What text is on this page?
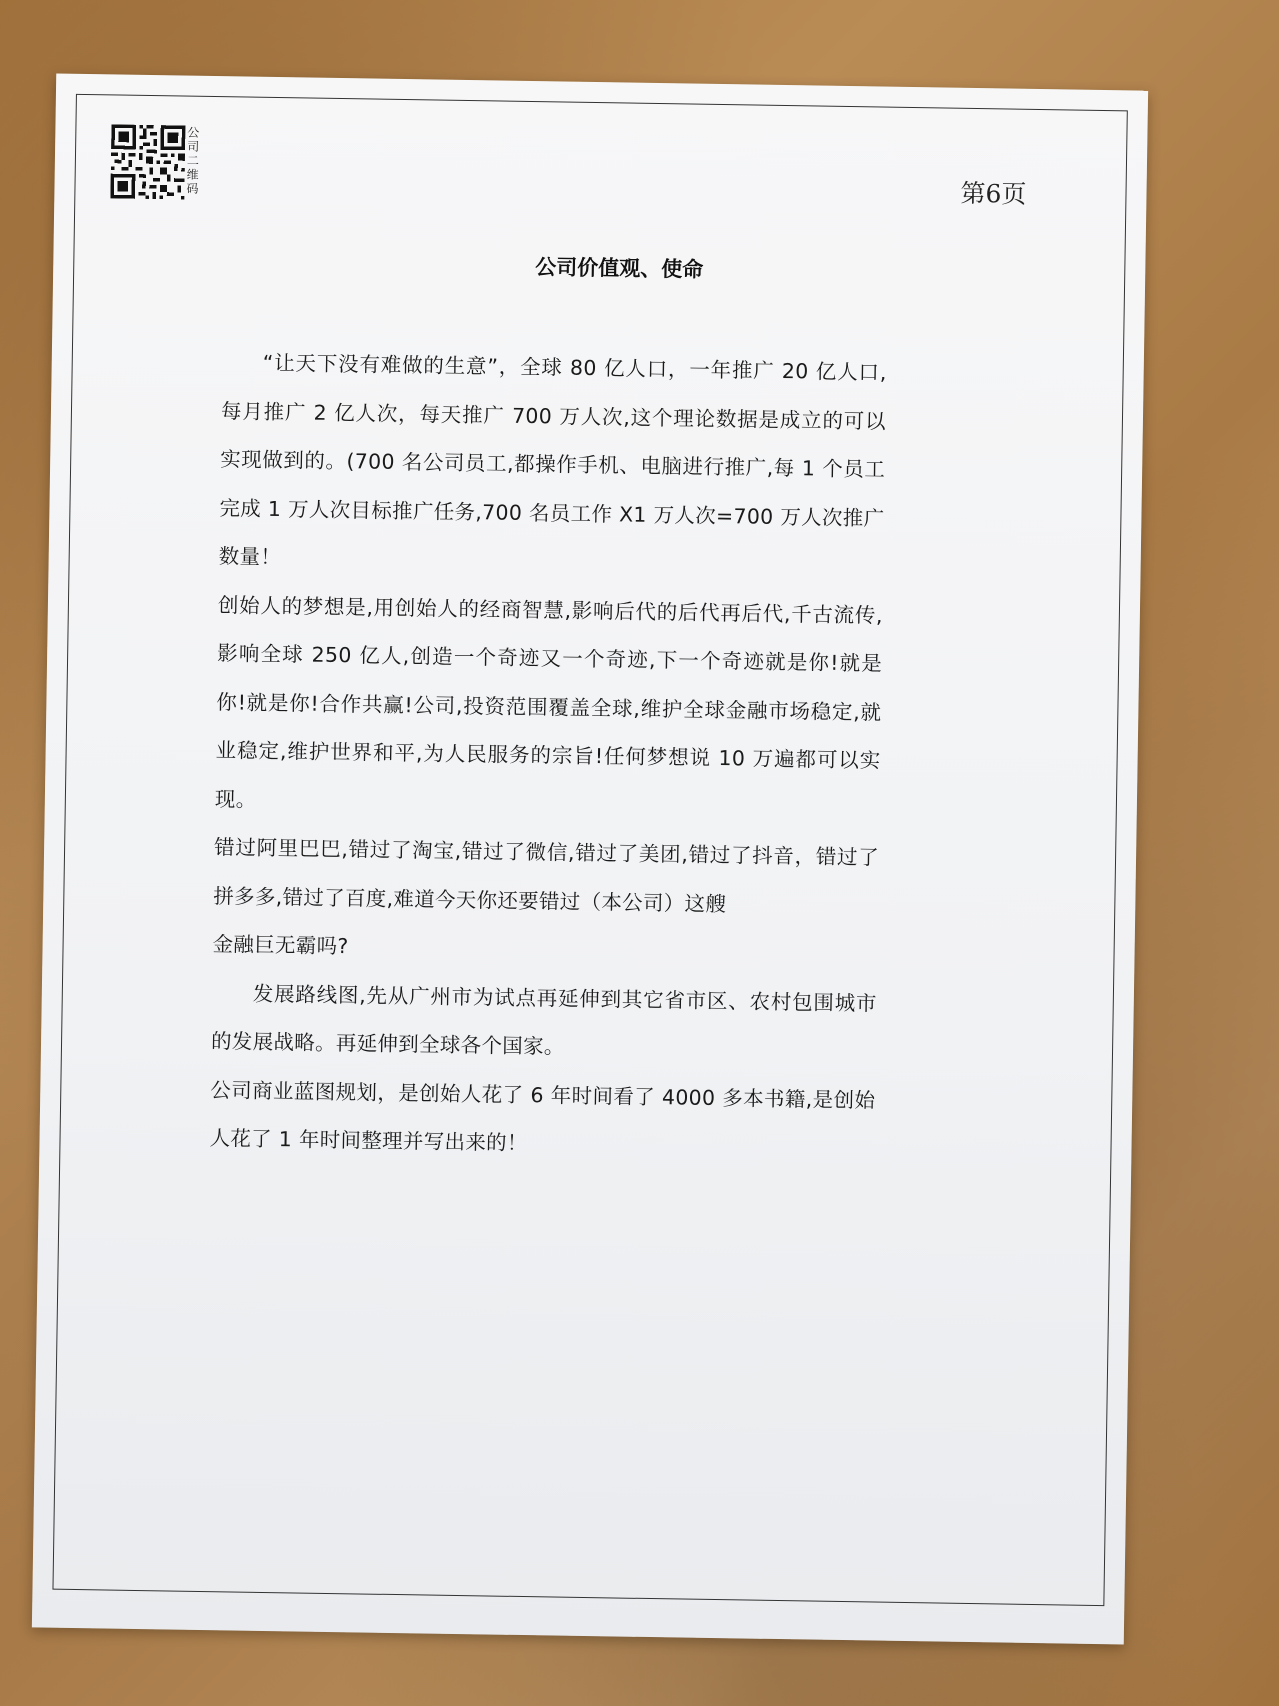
公
司
二
维
码	第6页
公司价值观、使命

“让天下没有难做的生意”，全球 80 亿人口，一年推广 20 亿人口,每月推广 2 亿人次，每天推广 700 万人次,这个理论数据是成立的可以实现做到的。(700 名公司员工,都操作手机、电脑进行推广,每 1 个员工完成 1 万人次目标推广任务,700 名员工作 X1 万人次=700 万人次推广数量！

创始人的梦想是,用创始人的经商智慧,影响后代的后代再后代,千古流传,影响全球 250 亿人,创造一个奇迹又一个奇迹,下一个奇迹就是你!就是你!就是你!合作共赢!公司,投资范围覆盖全球,维护全球金融市场稳定,就业稳定,维护世界和平,为人民服务的宗旨!任何梦想说 10 万遍都可以实现。

错过阿里巴巴,错过了淘宝,错过了微信,错过了美团,错过了抖音，错过了拼多多,错过了百度,难道今天你还要错过（本公司）这艘

金融巨无霸吗?

发展路线图,先从广州市为试点再延伸到其它省市区、农村包围城市的发展战略。再延伸到全球各个国家。

公司商业蓝图规划，是创始人花了 6 年时间看了 4000 多本书籍,是创始人花了 1 年时间整理并写出来的！
